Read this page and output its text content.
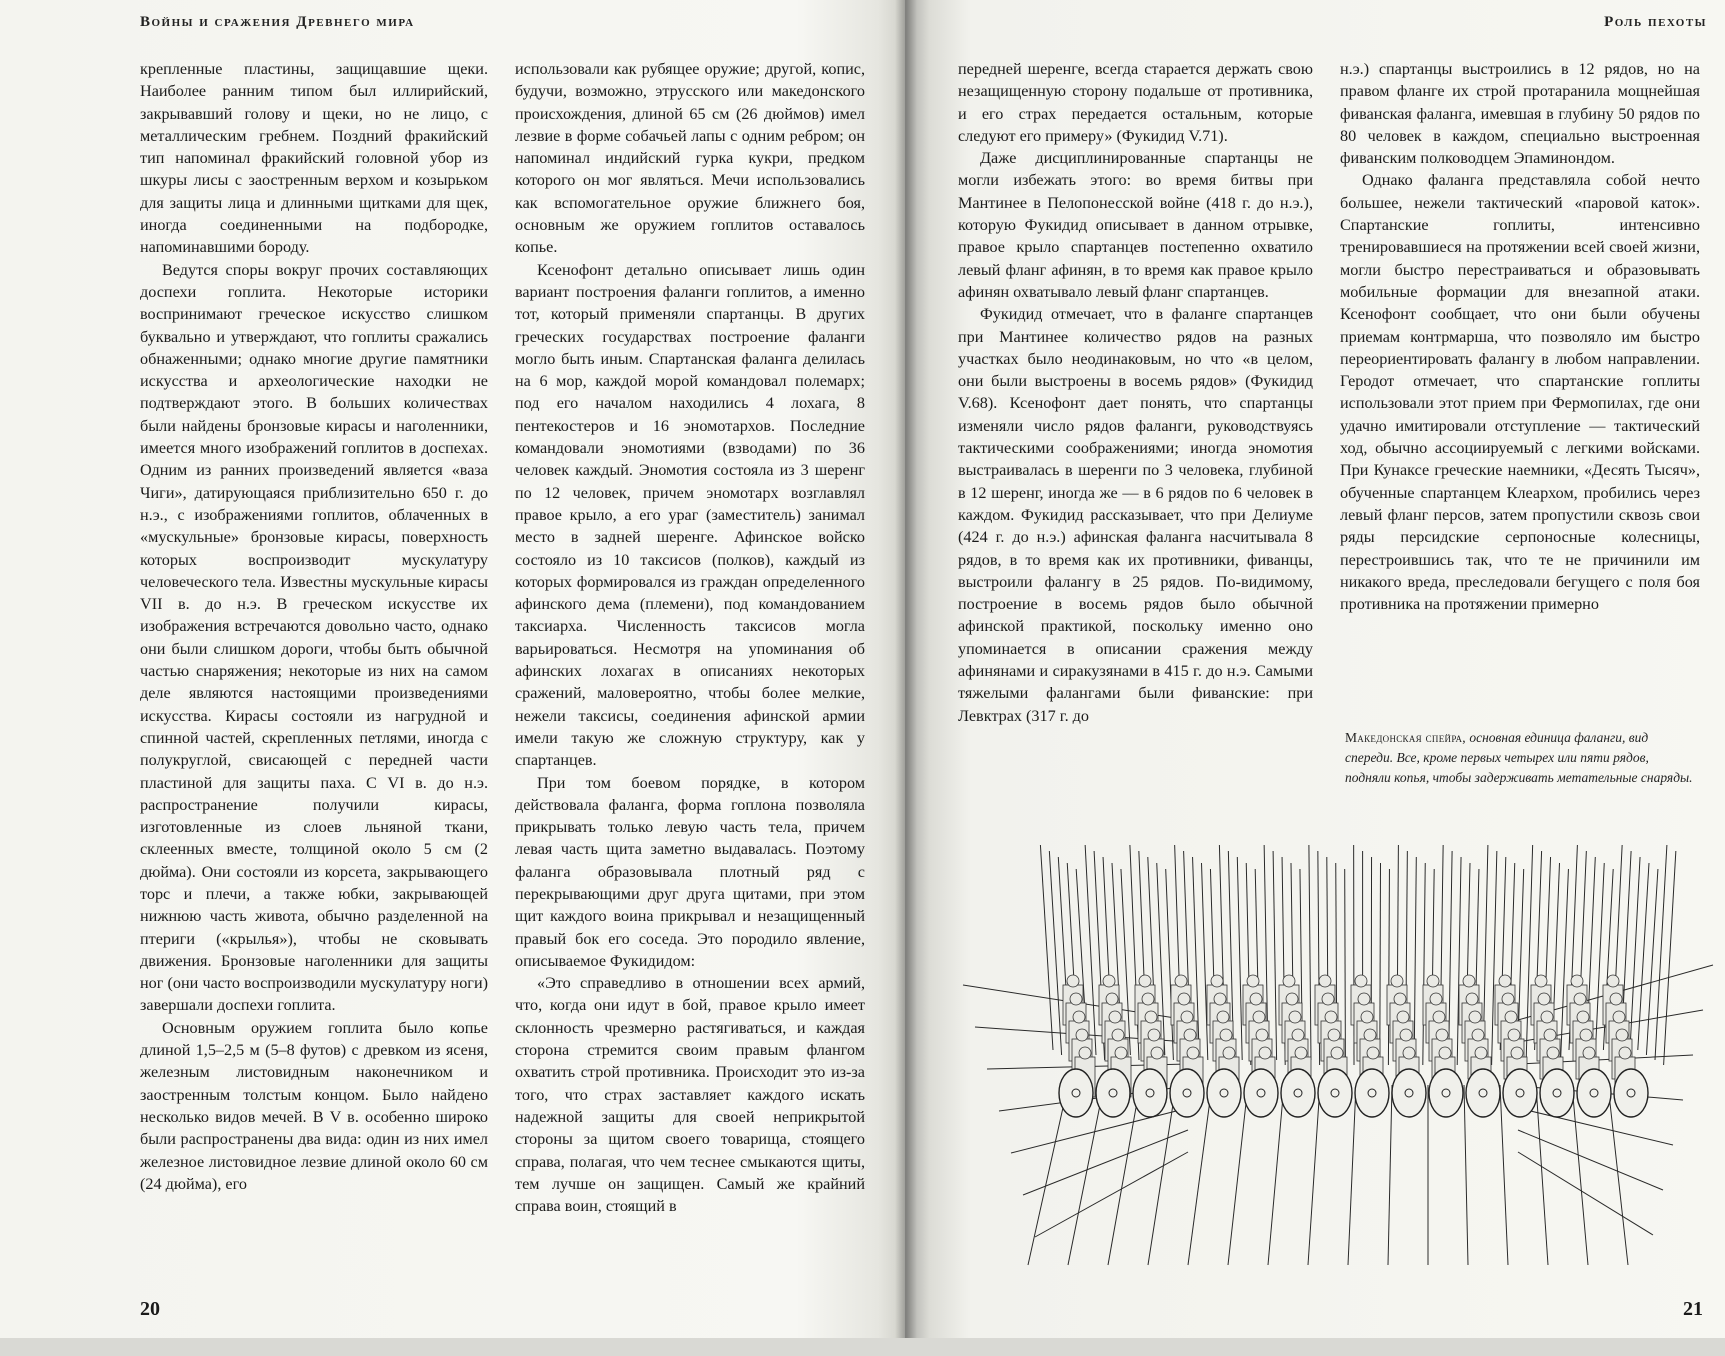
Войны и сражения Древнего мира	Роль пехоты

крепленные пластины, защищавшие щеки. Наиболее ранним типом был иллирийский, закрывавший голову и щеки, но не лицо, с металлическим гребнем. Поздний фракийский тип напоминал фракийский головной убор из шкуры лисы с заостренным верхом и козырьком для защиты лица и длинными щитками для щек, иногда соединенными на подбородке, напоминавшими бороду.

Ведутся споры вокруг прочих составляющих доспехи гоплита. Некоторые историки воспринимают греческое искусство слишком буквально и утверждают, что гоплиты сражались обнаженными; однако многие другие памятники искусства и археологические находки не подтверждают этого. В больших количествах были найдены бронзовые кирасы и наголенники, имеется много изображений гоплитов в доспехах. Одним из ранних произведений является «ваза Чиги», датирующаяся приблизительно 650 г. до н.э., с изображениями гоплитов, облаченных в «мускульные» бронзовые кирасы, поверхность которых воспроизводит мускулатуру человеческого тела. Известны мускульные кирасы VII в. до н.э. В греческом искусстве их изображения встречаются довольно часто, однако они были слишком дороги, чтобы быть обычной частью снаряжения; некоторые из них на самом деле являются настоящими произведениями искусства. Кирасы состояли из нагрудной и спинной частей, скрепленных петлями, иногда с полукруглой, свисающей с передней части пластиной для защиты паха. С VI в. до н.э. распространение получили кирасы, изготовленные из слоев льняной ткани, склеенных вместе, толщиной около 5 см (2 дюйма). Они состояли из корсета, закрывающего торс и плечи, а также юбки, закрывающей нижнюю часть живота, обычно разделенной на птериги («крылья»), чтобы не сковывать движения. Бронзовые наголенники для защиты ног (они часто воспроизводили мускулатуру ноги) завершали доспехи гоплита.

Основным оружием гоплита было копье длиной 1,5–2,5 м (5–8 футов) с древком из ясеня, железным листовидным наконечником и заостренным толстым концом. Было найдено несколько видов мечей. В V в. особенно широко были распространены два вида: один из них имел железное листовидное лезвие длиной около 60 см (24 дюйма), его

использовали как рубящее оружие; другой, копис, будучи, возможно, этрусского или македонского происхождения, длиной 65 см (26 дюймов) имел лезвие в форме собачьей лапы с одним ребром; он напоминал индийский гурка кукри, предком которого он мог являться. Мечи использовались как вспомогательное оружие ближнего боя, основным же оружием гоплитов оставалось копье.

Ксенофонт детально описывает лишь один вариант построения фаланги гоплитов, а именно тот, который применяли спартанцы. В других греческих государствах построение фаланги могло быть иным. Спартанская фаланга делилась на 6 мор, каждой морой командовал полемарх; под его началом находились 4 лохага, 8 пентекостеров и 16 эномотархов. Последние командовали эномотиями (взводами) по 36 человек каждый. Эномотия состояла из 3 шеренг по 12 человек, причем эномотарх возглавлял правое крыло, а его ураг (заместитель) занимал место в задней шеренге. Афинское войско состояло из 10 таксисов (полков), каждый из которых формировался из граждан определенного афинского дема (племени), под командованием таксиарха. Численность таксисов могла варьироваться. Несмотря на упоминания об афинских лохагах в описаниях некоторых сражений, маловероятно, чтобы более мелкие, нежели таксисы, соединения афинской армии имели такую же сложную структуру, как у спартанцев.

При том боевом порядке, в котором действовала фаланга, форма гоплона позволяла прикрывать только левую часть тела, причем левая часть щита заметно выдавалась. Поэтому фаланга образовывала плотный ряд с перекрывающими друг друга щитами, при этом щит каждого воина прикрывал и незащищенный правый бок его соседа. Это породило явление, описываемое Фукидидом:

«Это справедливо в отношении всех армий, что, когда они идут в бой, правое крыло имеет склонность чрезмерно растягиваться, и каждая сторона стремится своим правым флангом охватить строй противника. Происходит это из-за того, что страх заставляет каждого искать надежной защиты для своей неприкрытой стороны за щитом своего товарища, стоящего справа, полагая, что чем теснее смыкаются щиты, тем лучше он защищен. Самый же крайний справа воин, стоящий в

передней шеренге, всегда старается держать свою незащищенную сторону подальше от противника, и его страх передается остальным, которые следуют его примеру» (Фукидид V.71).

Даже дисциплинированные спартанцы не могли избежать этого: во время битвы при Мантинее в Пелопонесской войне (418 г. до н.э.), которую Фукидид описывает в данном отрывке, правое крыло спартанцев постепенно охватило левый фланг афинян, в то время как правое крыло афинян охватывало левый фланг спартанцев.

Фукидид отмечает, что в фаланге спартанцев при Мантинее количество рядов на разных участках было неодинаковым, но что «в целом, они были выстроены в восемь рядов» (Фукидид V.68). Ксенофонт дает понять, что спартанцы изменяли число рядов фаланги, руководствуясь тактическими соображениями; иногда эномотия выстраивалась в шеренги по 3 человека, глубиной в 12 шеренг, иногда же — в 6 рядов по 6 человек в каждом. Фукидид рассказывает, что при Делиуме (424 г. до н.э.) афинская фаланга насчитывала 8 рядов, в то время как их противники, фиванцы, выстроили фалангу в 25 рядов. По-видимому, построение в восемь рядов было обычной афинской практикой, поскольку именно оно упоминается в описании сражения между афинянами и сиракузянами в 415 г. до н.э. Самыми тяжелыми фалангами были фиванские: при Левктрах (317 г. до

н.э.) спартанцы выстроились в 12 рядов, но на правом фланге их строй протаранила мощнейшая фиванская фаланга, имевшая в глубину 50 рядов по 80 человек в каждом, специально выстроенная фиванским полководцем Эпаминондом.

Однако фаланга представляла собой нечто большее, нежели тактический «паровой каток». Спартанские гоплиты, интенсивно тренировавшиеся на протяжении всей своей жизни, могли быстро перестраиваться и образовывать мобильные формации для внезапной атаки. Ксенофонт сообщает, что они были обучены приемам контрмарша, что позволяло им быстро переориентировать фалангу в любом направлении. Геродот отмечает, что спартанские гоплиты использовали этот прием при Фермопилах, где они удачно имитировали отступление — тактический ход, обычно ассоциируемый с легкими войсками. При Кунаксе греческие наемники, «Десять Тысяч», обученные спартанцем Клеархом, пробились через левый фланг персов, затем пропустили сквозь свои ряды персидские серпоносные колесницы, перестроившись так, что те не причинили им никакого вреда, преследовали бегущего с поля боя противника на протяжении примерно

Македонская спейра, основная единица фаланги, вид спереди. Все, кроме первых четырех или пяти рядов, подняли копья, чтобы задерживать метательные снаряды.
20	21
